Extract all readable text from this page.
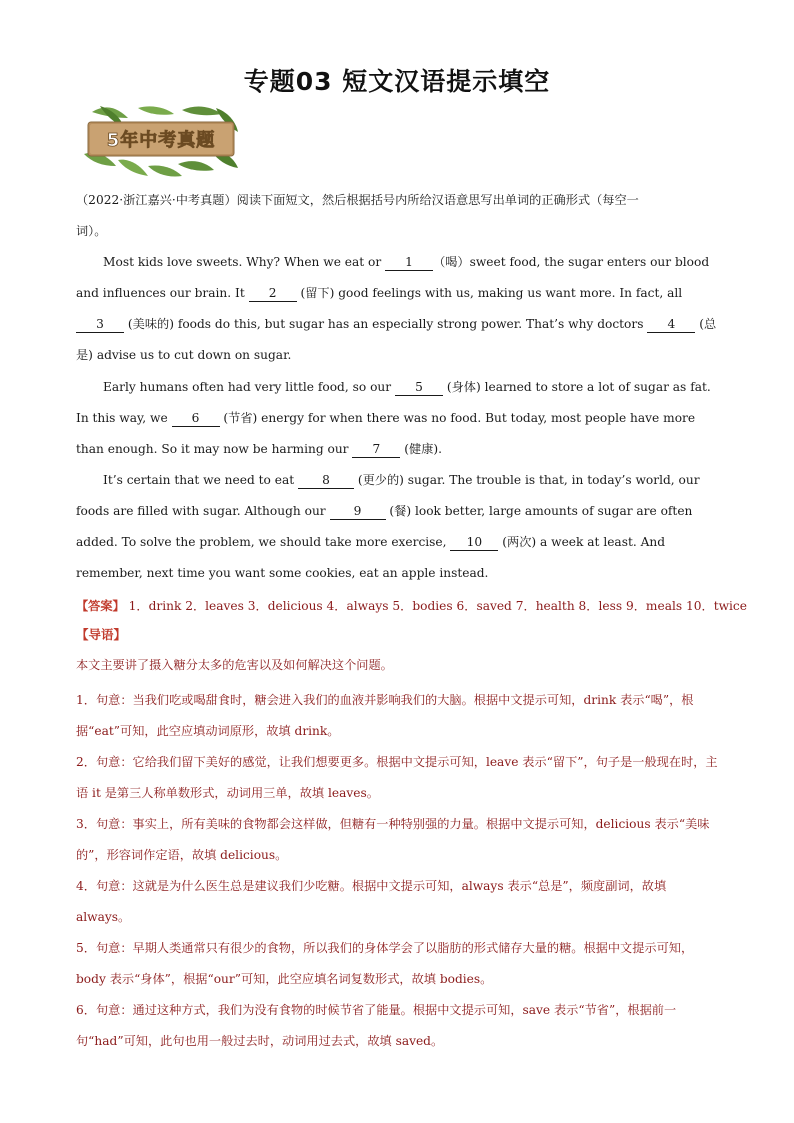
专题03 短文汉语提示填空
5年中考真题

（2022·浙江嘉兴·中考真题）阅读下面短文，然后根据括号内所给汉语意思写出单词的正确形式（每空一
词）。

Most kids love sweets. Why? When we eat or 1 （喝）sweet food, the sugar enters our blood and influences our brain. It 2 (留下) good feelings with us, making us want more. In fact, all 3 (美味的) foods do this, but sugar has an especially strong power. That’s why doctors 4 (总是) advise us to cut down on sugar.

Early humans often had very little food, so our 5 (身体) learned to store a lot of sugar as fat. In this way, we 6 (节省) energy for when there was no food. But today, most people have more than enough. So it may now be harming our 7 (健康).

It’s certain that we need to eat 8 (更少的) sugar. The trouble is that, in today’s world, our foods are filled with sugar. Although our 9 (餐) look better, large amounts of sugar are often added. To solve the problem, we should take more exercise, 10 (两次) a week at least. And remember, next time you want some cookies, eat an apple instead.

【答案】 1．drink 2．leaves 3．delicious 4．always 5．bodies 6．saved 7．health 8．less 9．meals 10．twice
【导语】
本文主要讲了摄入糖分太多的危害以及如何解决这个问题。

1．句意：当我们吃或喝甜食时，糖会进入我们的血液并影响我们的大脑。根据中文提示可知，drink 表示“喝”，根据“eat”可知，此空应填动词原形，故填 drink。

2．句意：它给我们留下美好的感觉，让我们想要更多。根据中文提示可知，leave 表示“留下”，句子是一般现在时，主语 it 是第三人称单数形式，动词用三单，故填 leaves。

3．句意：事实上，所有美味的食物都会这样做，但糖有一种特别强的力量。根据中文提示可知，delicious 表示“美味的”，形容词作定语，故填 delicious。

4．句意：这就是为什么医生总是建议我们少吃糖。根据中文提示可知，always 表示“总是”，频度副词，故填 always。

5．句意：早期人类通常只有很少的食物，所以我们的身体学会了以脂肪的形式储存大量的糖。根据中文提示可知，body 表示“身体”，根据“our”可知，此空应填名词复数形式，故填 bodies。

6．句意：通过这种方式，我们为没有食物的时候节省了能量。根据中文提示可知，save 表示“节省”，根据前一句“had”可知，此句也用一般过去时，动词用过去式，故填 saved。
